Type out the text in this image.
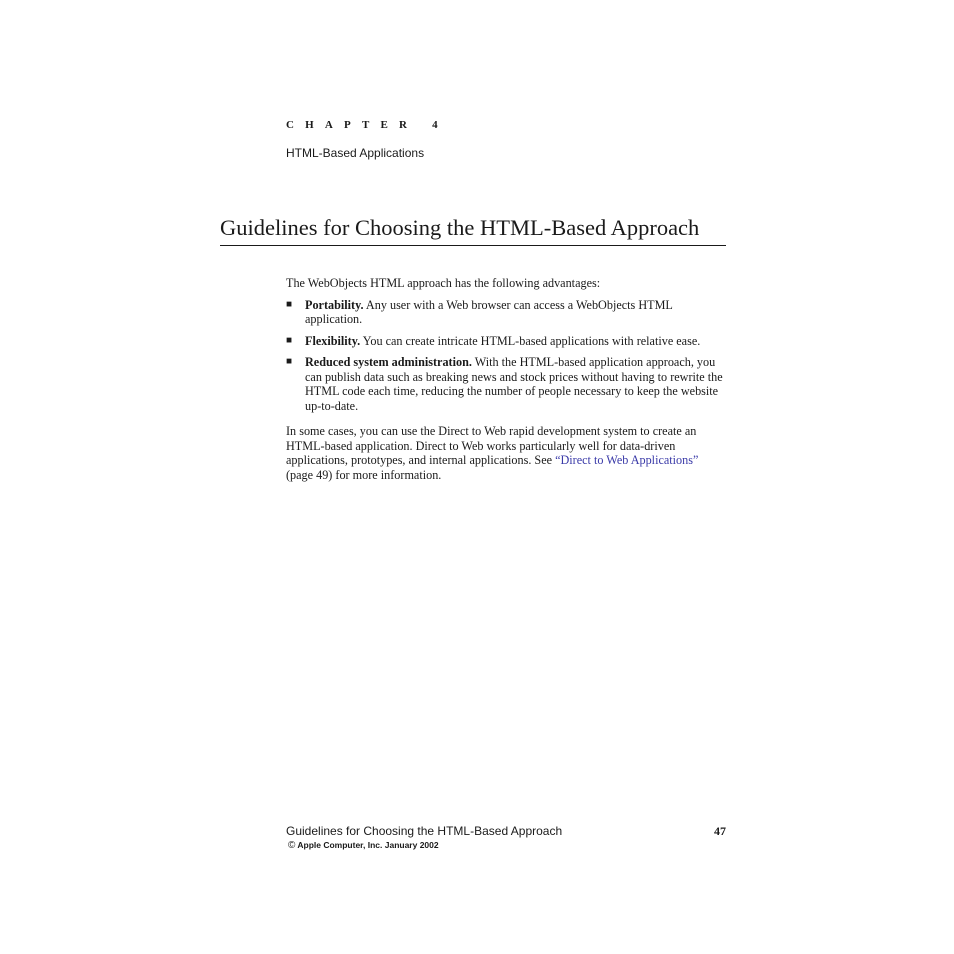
CHAPTER 4
HTML-Based Applications
Guidelines for Choosing the HTML-Based Approach

The WebObjects HTML approach has the following advantages:

■ Portability. Any user with a Web browser can access a WebObjects HTML application.
■ Flexibility. You can create intricate HTML-based applications with relative ease.
■ Reduced system administration. With the HTML-based application approach, you can publish data such as breaking news and stock prices without having to rewrite the HTML code each time, reducing the number of people necessary to keep the website up-to-date.

In some cases, you can use the Direct to Web rapid development system to create an HTML-based application. Direct to Web works particularly well for data-driven applications, prototypes, and internal applications. See “Direct to Web Applications” (page 49) for more information.

Guidelines for Choosing the HTML-Based Approach	47
© Apple Computer, Inc. January 2002
